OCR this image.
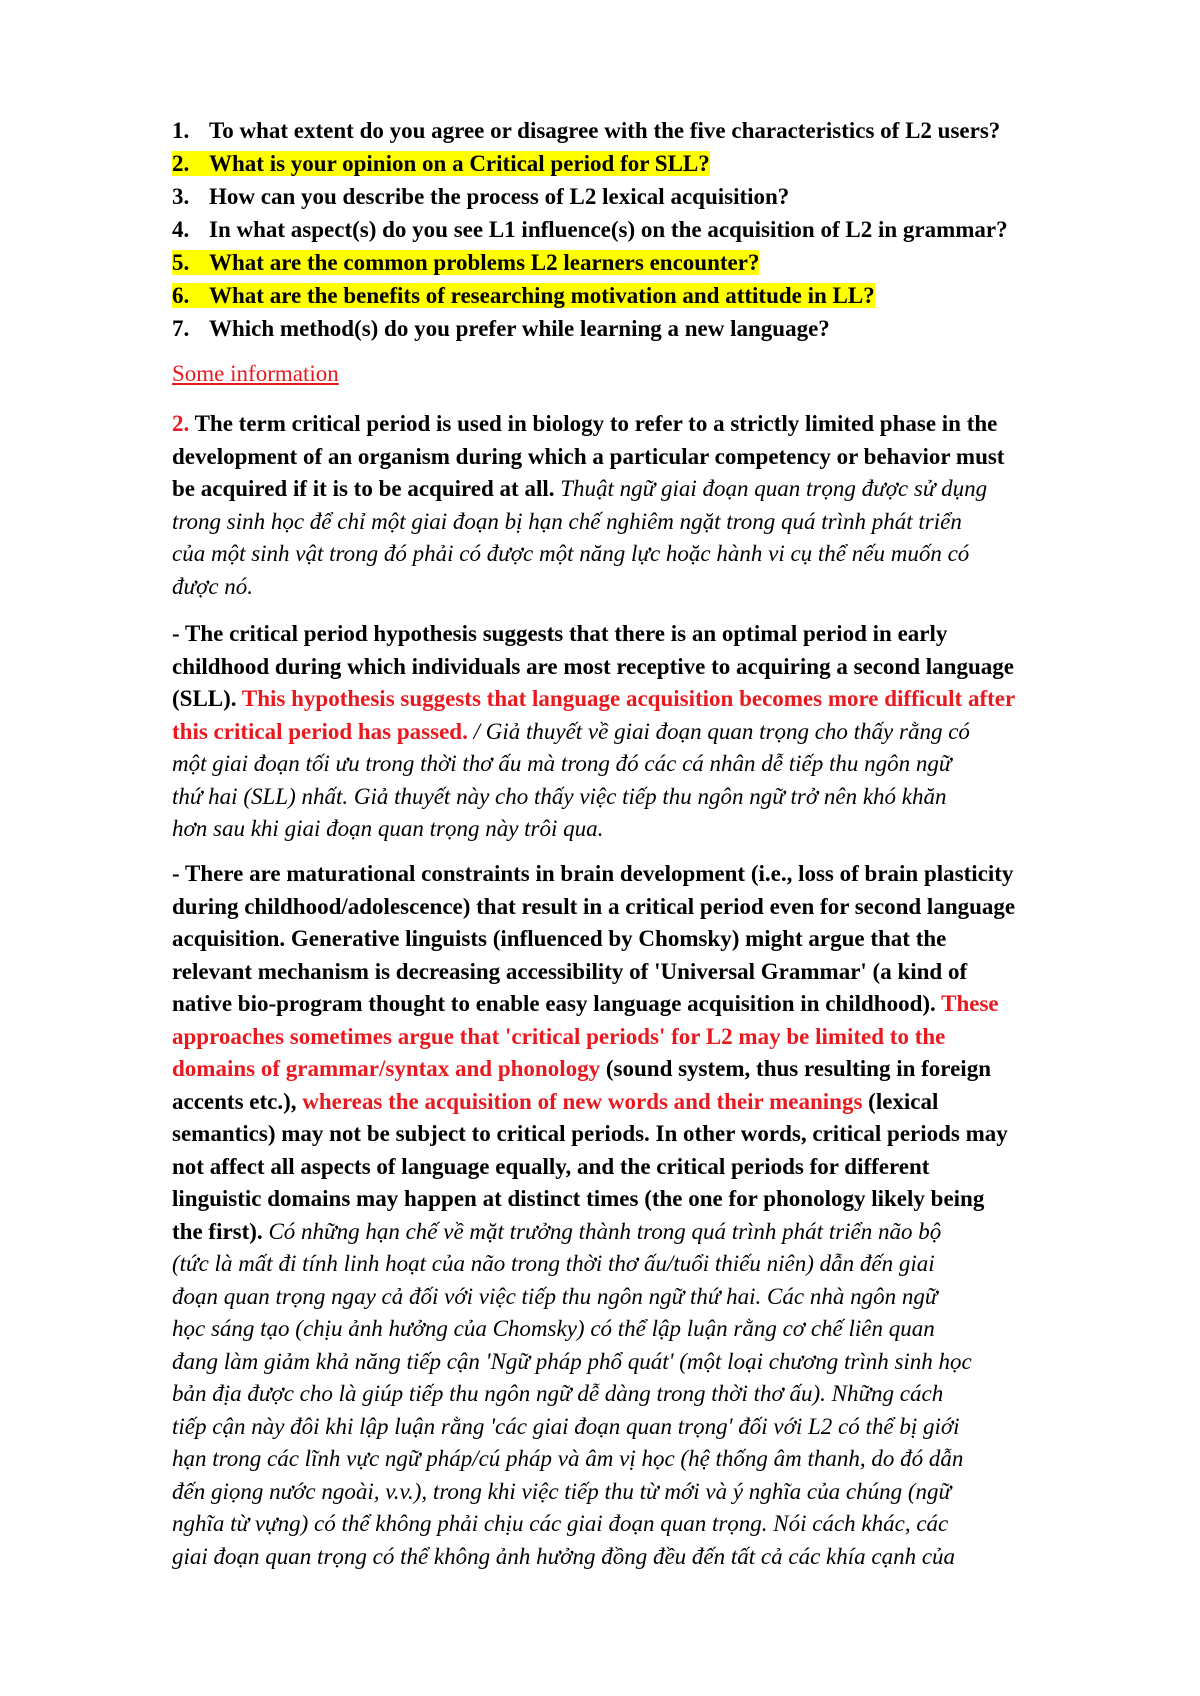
1. To what extent do you agree or disagree with the five characteristics of L2 users?
2. What is your opinion on a Critical period for SLL?
3. How can you describe the process of L2 lexical acquisition?
4. In what aspect(s) do you see L1 influence(s) on the acquisition of L2 in grammar?
5. What are the common problems L2 learners encounter?
6. What are the benefits of researching motivation and attitude in LL?
7. Which method(s) do you prefer while learning a new language?
Some information
2. The term critical period is used in biology to refer to a strictly limited phase in the
development of an organism during which a particular competency or behavior must
be acquired if it is to be acquired at all. Thuật ngữ giai đoạn quan trọng được sử dụng
trong sinh học để chỉ một giai đoạn bị hạn chế nghiêm ngặt trong quá trình phát triển
của một sinh vật trong đó phải có được một năng lực hoặc hành vi cụ thể nếu muốn có
được nó.
- The critical period hypothesis suggests that there is an optimal period in early
childhood during which individuals are most receptive to acquiring a second language
(SLL). This hypothesis suggests that language acquisition becomes more difficult after
this critical period has passed. / Giả thuyết về giai đoạn quan trọng cho thấy rằng có
một giai đoạn tối ưu trong thời thơ ấu mà trong đó các cá nhân dễ tiếp thu ngôn ngữ
thứ hai (SLL) nhất. Giả thuyết này cho thấy việc tiếp thu ngôn ngữ trở nên khó khăn
hơn sau khi giai đoạn quan trọng này trôi qua.
- There are maturational constraints in brain development (i.e., loss of brain plasticity
during childhood/adolescence) that result in a critical period even for second language
acquisition. Generative linguists (influenced by Chomsky) might argue that the
relevant mechanism is decreasing accessibility of 'Universal Grammar' (a kind of
native bio-program thought to enable easy language acquisition in childhood). These
approaches sometimes argue that 'critical periods' for L2 may be limited to the
domains of grammar/syntax and phonology (sound system, thus resulting in foreign
accents etc.), whereas the acquisition of new words and their meanings (lexical
semantics) may not be subject to critical periods. In other words, critical periods may
not affect all aspects of language equally, and the critical periods for different
linguistic domains may happen at distinct times (the one for phonology likely being
the first). Có những hạn chế về mặt trưởng thành trong quá trình phát triển não bộ
(tức là mất đi tính linh hoạt của não trong thời thơ ấu/tuổi thiếu niên) dẫn đến giai
đoạn quan trọng ngay cả đối với việc tiếp thu ngôn ngữ thứ hai. Các nhà ngôn ngữ
học sáng tạo (chịu ảnh hưởng của Chomsky) có thể lập luận rằng cơ chế liên quan
đang làm giảm khả năng tiếp cận 'Ngữ pháp phổ quát' (một loại chương trình sinh học
bản địa được cho là giúp tiếp thu ngôn ngữ dễ dàng trong thời thơ ấu). Những cách
tiếp cận này đôi khi lập luận rằng 'các giai đoạn quan trọng' đối với L2 có thể bị giới
hạn trong các lĩnh vực ngữ pháp/cú pháp và âm vị học (hệ thống âm thanh, do đó dẫn
đến giọng nước ngoài, v.v.), trong khi việc tiếp thu từ mới và ý nghĩa của chúng (ngữ
nghĩa từ vựng) có thể không phải chịu các giai đoạn quan trọng. Nói cách khác, các
giai đoạn quan trọng có thể không ảnh hưởng đồng đều đến tất cả các khía cạnh của
